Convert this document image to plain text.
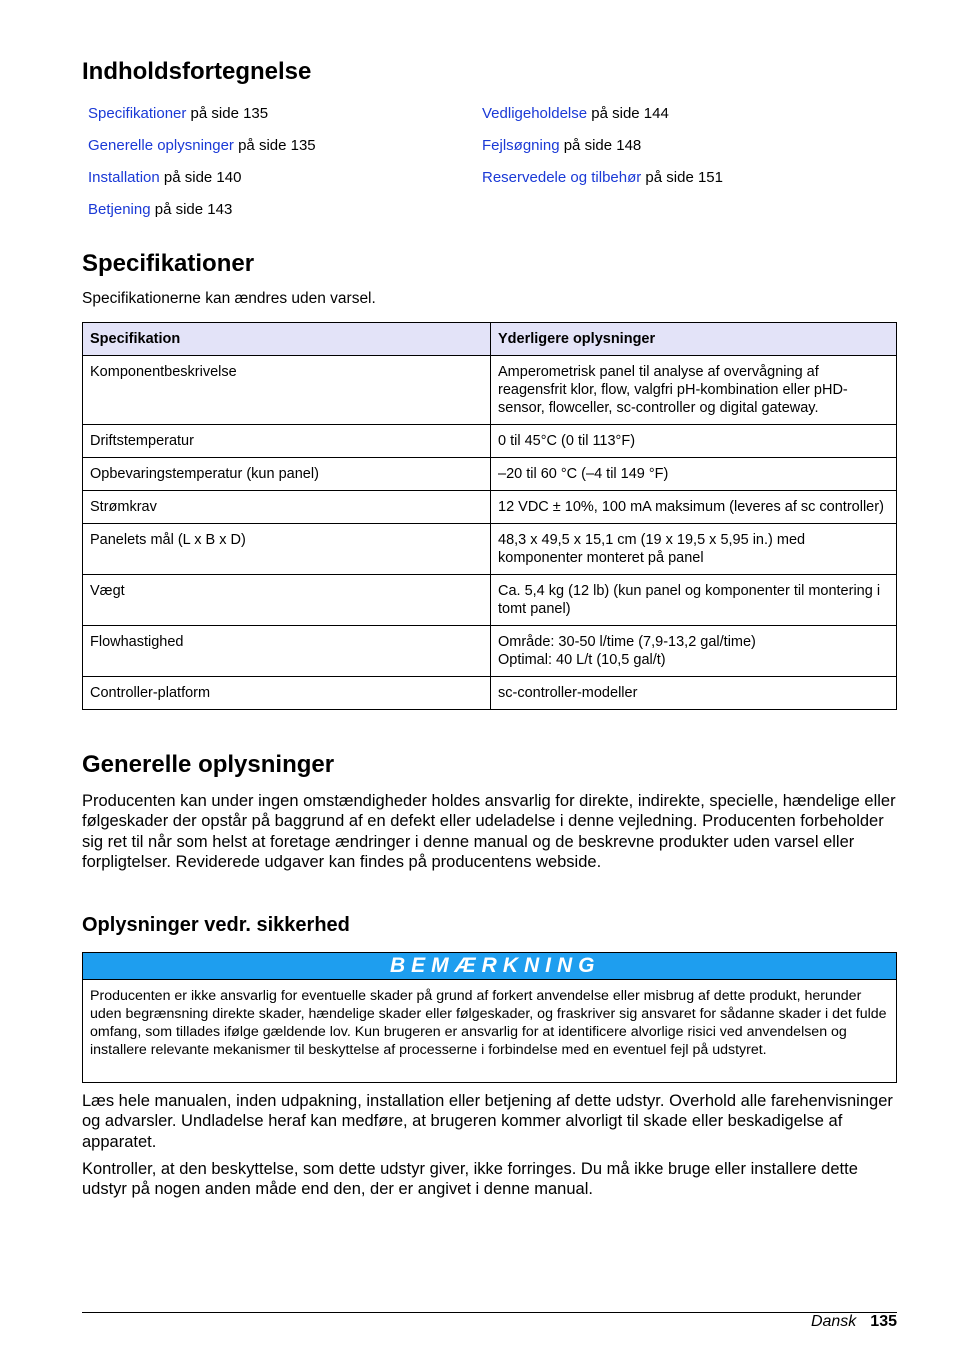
Indholdsfortegnelse
Specifikationer på side 135
Generelle oplysninger på side 135
Installation på side 140
Betjening på side 143
Vedligeholdelse på side 144
Fejlsøgning på side 148
Reservedele og tilbehør på side 151
Specifikationer

Specifikationerne kan ændres uden varsel.

Specifikation	Yderligere oplysninger
Komponentbeskrivelse	Amperometrisk panel til analyse af overvågning af reagensfrit klor, flow, valgfri pH-kombination eller pHD-sensor, flowceller, sc-controller og digital gateway.
Driftstemperatur	0 til 45°C (0 til 113°F)
Opbevaringstemperatur (kun panel)	–20 til 60 °C (–4 til 149 °F)
Strømkrav	12 VDC ± 10%, 100 mA maksimum (leveres af sc controller)
Panelets mål (L x B x D)	48,3 x 49,5 x 15,1 cm (19 x 19,5 x 5,95 in.) med komponenter monteret på panel
Vægt	Ca. 5,4 kg (12 lb) (kun panel og komponenter til montering i tomt panel)
Flowhastighed	Område: 30-50 l/time (7,9-13,2 gal/time)
Optimal: 40 L/t (10,5 gal/t)
Controller-platform	sc-controller-modeller
Generelle oplysninger

Producenten kan under ingen omstændigheder holdes ansvarlig for direkte, indirekte, specielle, hændelige eller følgeskader der opstår på baggrund af en defekt eller udeladelse i denne vejledning. Producenten forbeholder sig ret til når som helst at foretage ændringer i denne manual og de beskrevne produkter uden varsel eller forpligtelser. Reviderede udgaver kan findes på producentens webside.

Oplysninger vedr. sikkerhed
BEMÆRKNING
Producenten er ikke ansvarlig for eventuelle skader på grund af forkert anvendelse eller misbrug af dette produkt, herunder uden begrænsning direkte skader, hændelige skader eller følgeskader, og fraskriver sig ansvaret for sådanne skader i det fulde omfang, som tillades ifølge gældende lov. Kun brugeren er ansvarlig for at identificere alvorlige risici ved anvendelsen og installere relevante mekanismer til beskyttelse af processerne i forbindelse med en eventuel fejl på udstyret.

Læs hele manualen, inden udpakning, installation eller betjening af dette udstyr. Overhold alle farehenvisninger og advarsler. Undladelse heraf kan medføre, at brugeren kommer alvorligt til skade eller beskadigelse af apparatet.

Kontroller, at den beskyttelse, som dette udstyr giver, ikke forringes. Du må ikke bruge eller installere dette udstyr på nogen anden måde end den, der er angivet i denne manual.

Dansk 135
